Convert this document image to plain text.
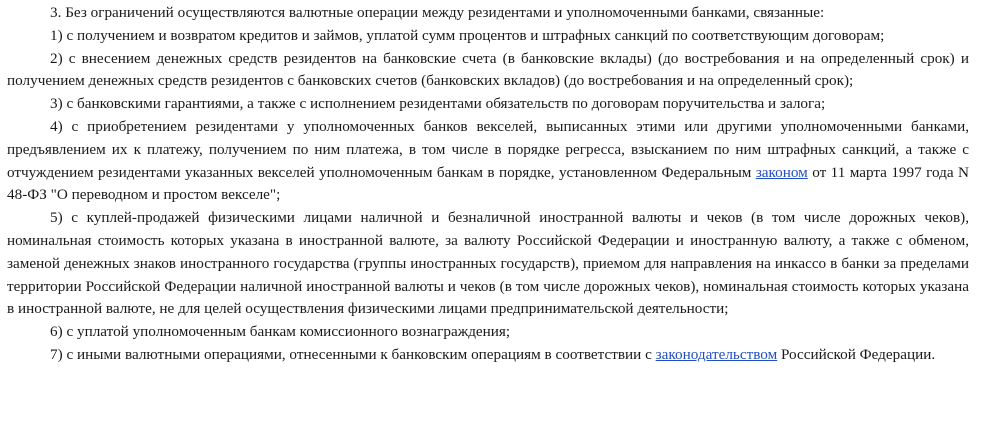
3. Без ограничений осуществляются валютные операции между резидентами и уполномоченными банками, связанные:

1) с получением и возвратом кредитов и займов, уплатой сумм процентов и штрафных санкций по соответствующим договорам;

2) с внесением денежных средств резидентов на банковские счета (в банковские вклады) (до востребования и на определенный срок) и получением денежных средств резидентов с банковских счетов (банковских вкладов) (до востребования и на определенный срок);

3) с банковскими гарантиями, а также с исполнением резидентами обязательств по договорам поручительства и залога;

4) с приобретением резидентами у уполномоченных банков векселей, выписанных этими или другими уполномоченными банками, предъявлением их к платежу, получением по ним платежа, в том числе в порядке регресса, взысканием по ним штрафных санкций, а также с отчуждением резидентами указанных векселей уполномоченным банкам в порядке, установленном Федеральным законом от 11 марта 1997 года N 48-ФЗ "О переводном и простом векселе";

5) с куплей-продажей физическими лицами наличной и безналичной иностранной валюты и чеков (в том числе дорожных чеков), номинальная стоимость которых указана в иностранной валюте, за валюту Российской Федерации и иностранную валюту, а также с обменом, заменой денежных знаков иностранного государства (группы иностранных государств), приемом для направления на инкассо в банки за пределами территории Российской Федерации наличной иностранной валюты и чеков (в том числе дорожных чеков), номинальная стоимость которых указана в иностранной валюте, не для целей осуществления физическими лицами предпринимательской деятельности;

6) с уплатой уполномоченным банкам комиссионного вознаграждения;

7) с иными валютными операциями, отнесенными к банковским операциям в соответствии с законодательством Российской Федерации.
